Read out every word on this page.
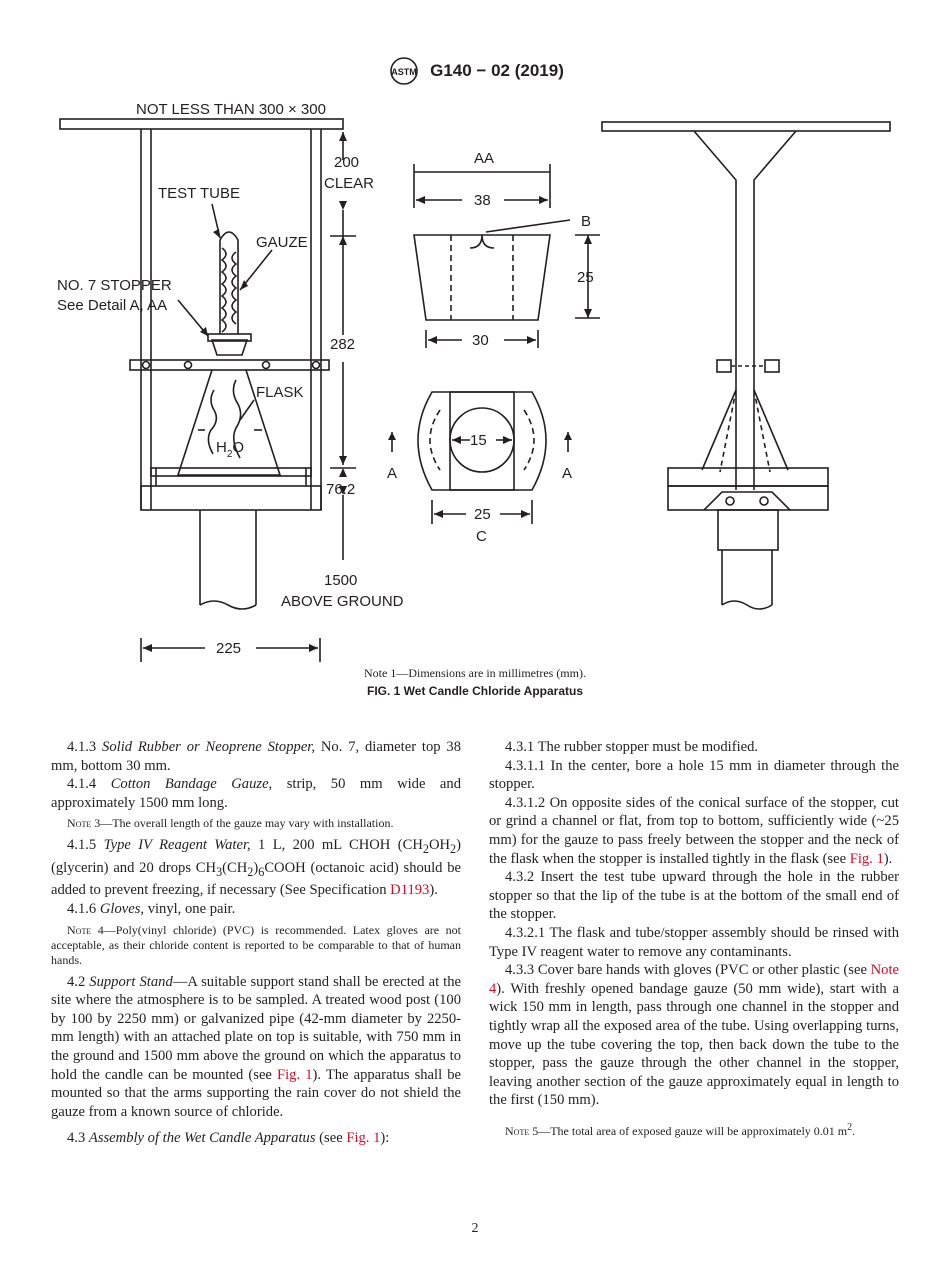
ASTM G140 − 02 (2019)
NOT LESS THAN 300 × 300
200
CLEAR
TEST TUBE
GAUZE
NO. 7 STOPPER
See Detail A, AA
FLASK
$H_2O$
282
76.2
1500
ABOVE GROUND
225
AA
38
B
25
30
15
A	A
25
C
Note 1—Dimensions are in millimetres (mm).
FIG. 1 Wet Candle Chloride Apparatus

4.1.3 Solid Rubber or Neoprene Stopper, No. 7, diameter top 38 mm, bottom 30 mm.

4.1.4 Cotton Bandage Gauze, strip, 50 mm wide and approximately 1500 mm long.

Note 3—The overall length of the gauze may vary with installation.

4.1.5 Type IV Reagent Water, 1 L, 200 mL CHOH $(CH_2OH_2)$ (glycerin) and 20 drops $CH_3(CH_2)_6COOH$ (octanoic acid) should be added to prevent freezing, if necessary (See Specification D1193).

4.1.6 Gloves, vinyl, one pair.

Note 4—Poly(vinyl chloride) (PVC) is recommended. Latex gloves are not acceptable, as their chloride content is reported to be comparable to that of human hands.

4.2 Support Stand—A suitable support stand shall be erected at the site where the atmosphere is to be sampled. A treated wood post (100 by 100 by 2250 mm) or galvanized pipe (42-mm diameter by 2250-mm length) with an attached plate on top is suitable, with 750 mm in the ground and 1500 mm above the ground on which the apparatus to hold the candle can be mounted (see Fig. 1). The apparatus shall be mounted so that the arms supporting the rain cover do not shield the gauze from a known source of chloride.

4.3 Assembly of the Wet Candle Apparatus (see Fig. 1):

4.3.1 The rubber stopper must be modified.

4.3.1.1 In the center, bore a hole 15 mm in diameter through the stopper.

4.3.1.2 On opposite sides of the conical surface of the stopper, cut or grind a channel or flat, from top to bottom, sufficiently wide (~25 mm) for the gauze to pass freely between the stopper and the neck of the flask when the stopper is installed tightly in the flask (see Fig. 1).

4.3.2 Insert the test tube upward through the hole in the rubber stopper so that the lip of the tube is at the bottom of the small end of the stopper.

4.3.2.1 The flask and tube/stopper assembly should be rinsed with Type IV reagent water to remove any contaminants.

4.3.3 Cover bare hands with gloves (PVC or other plastic (see Note 4). With freshly opened bandage gauze (50 mm wide), start with a wick 150 mm in length, pass through one channel in the stopper and tightly wrap all the exposed area of the tube. Using overlapping turns, move up the tube covering the top, then back down the tube to the stopper, pass the gauze through the other channel in the stopper, leaving another section of the gauze approximately equal in length to the first (150 mm).

Note 5—The total area of exposed gauze will be approximately 0.01 $m^2$.

2
